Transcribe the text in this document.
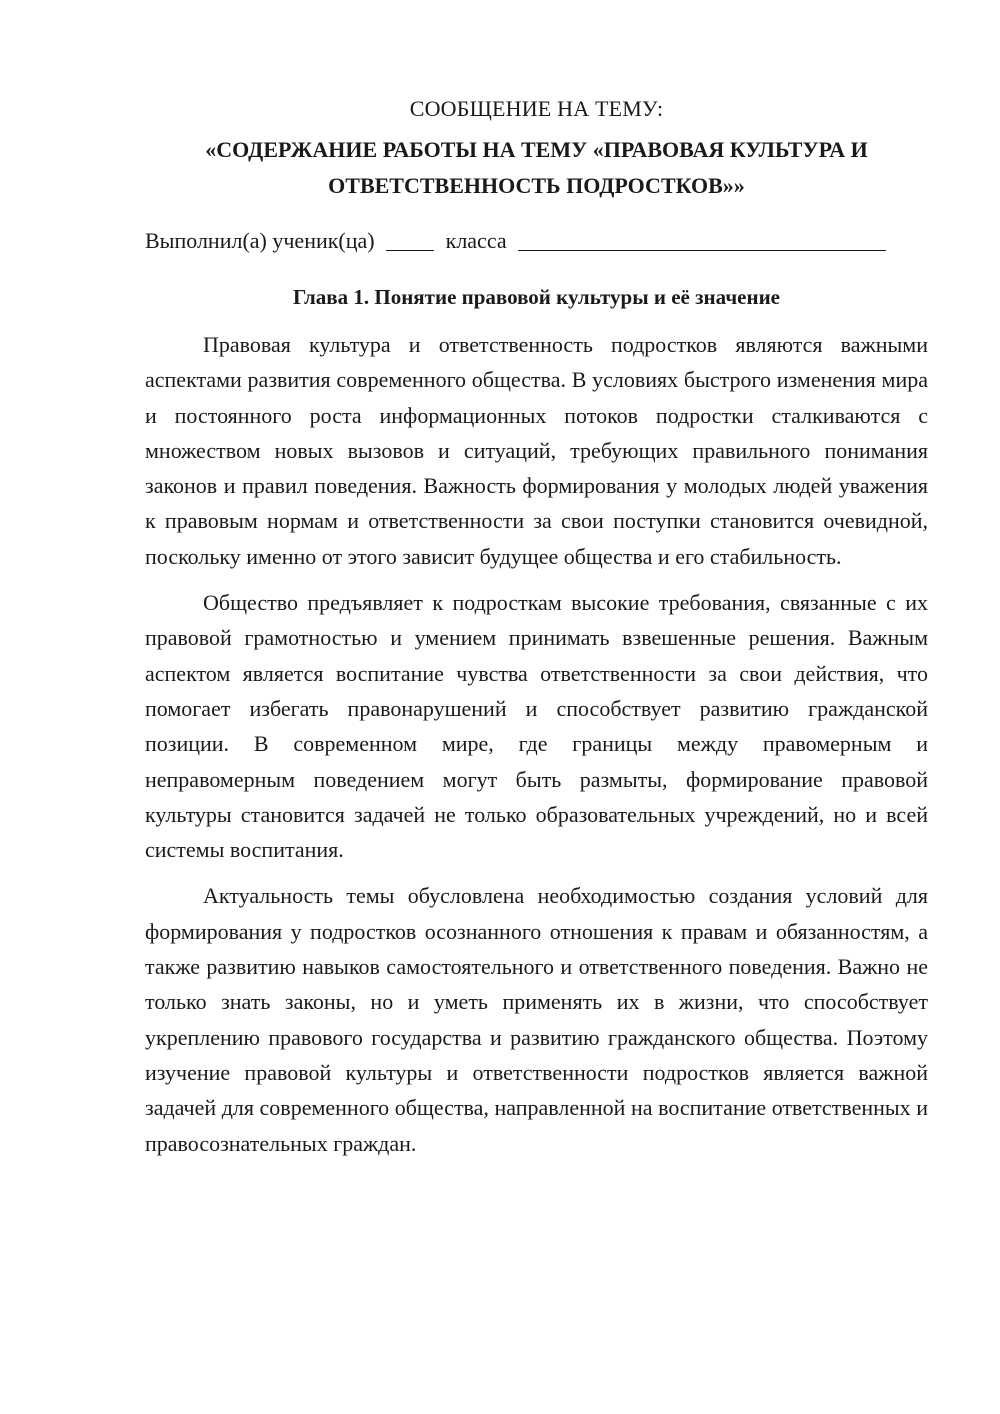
СООБЩЕНИЕ НА ТЕМУ:

«СОДЕРЖАНИЕ РАБОТЫ НА ТЕМУ «ПРАВОВАЯ КУЛЬТУРА И
ОТВЕТСТВЕННОСТЬ ПОДРОСТКОВ»»
Выполнил(а) ученик(ца)	класса
Глава 1. Понятие правовой культуры и её значение

Правовая культура и ответственность подростков являются важными аспектами развития современного общества. В условиях быстрого изменения мира и постоянного роста информационных потоков подростки сталкиваются с множеством новых вызовов и ситуаций, требующих правильного понимания законов и правил поведения. Важность формирования у молодых людей уважения к правовым нормам и ответственности за свои поступки становится очевидной, поскольку именно от этого зависит будущее общества и его стабильность.

Общество предъявляет к подросткам высокие требования, связанные с их правовой грамотностью и умением принимать взвешенные решения. Важным аспектом является воспитание чувства ответственности за свои действия, что помогает избегать правонарушений и способствует развитию гражданской позиции. В современном мире, где границы между правомерным и неправомерным поведением могут быть размыты, формирование правовой культуры становится задачей не только образовательных учреждений, но и всей системы воспитания.

Актуальность темы обусловлена необходимостью создания условий для формирования у подростков осознанного отношения к правам и обязанностям, а также развитию навыков самостоятельного и ответственного поведения. Важно не только знать законы, но и уметь применять их в жизни, что способствует укреплению правового государства и развитию гражданского общества. Поэтому изучение правовой культуры и ответственности подростков является важной задачей для современного общества, направленной на воспитание ответственных и правосознательных граждан.
